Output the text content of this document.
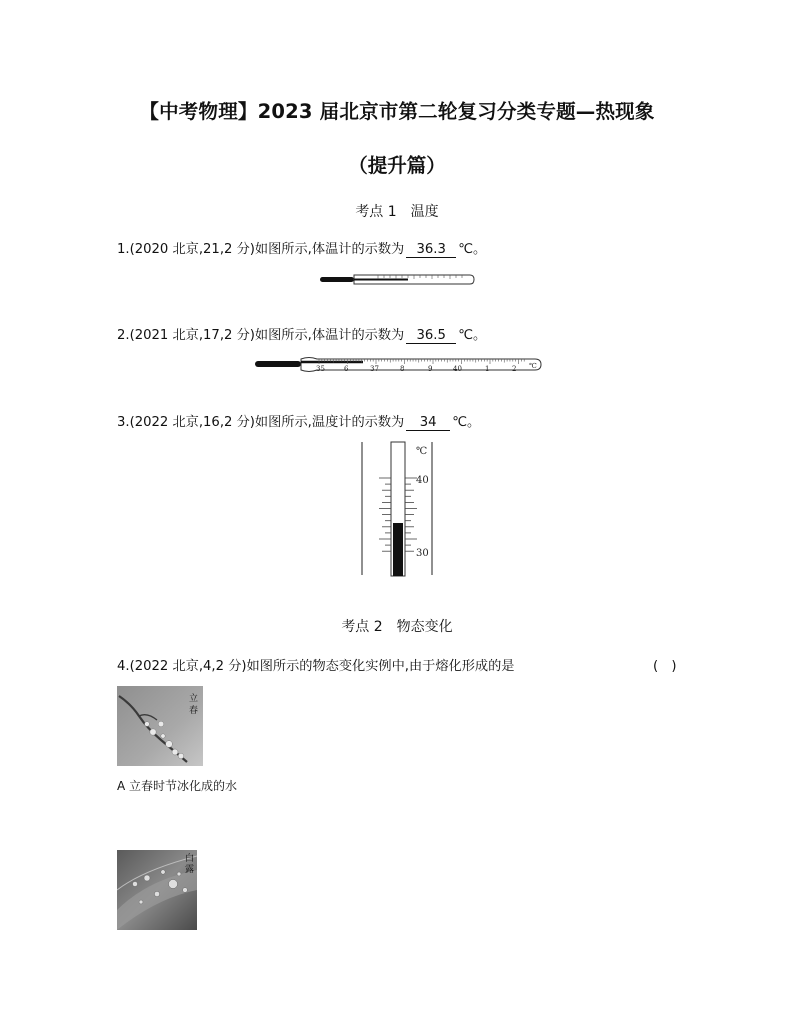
【中考物理】2023 届北京市第二轮复习分类专题—热现象
（提升篇）
考点 1　温度
1.(2020 北京,21,2 分)如图所示,体温计的示数为 36.3 ℃。
2.(2021 北京,17,2 分)如图所示,体温计的示数为 36.5 ℃。
35	6	37	8	9	40	1	2 ℃
3.(2022 北京,16,2 分)如图所示,温度计的示数为 34 ℃。
℃
40
30
考点 2　物态变化
4.(2022 北京,4,2 分)如图所示的物态变化实例中,由于熔化形成的是	(　)
立
春
A 立春时节冰化成的水
白
露
